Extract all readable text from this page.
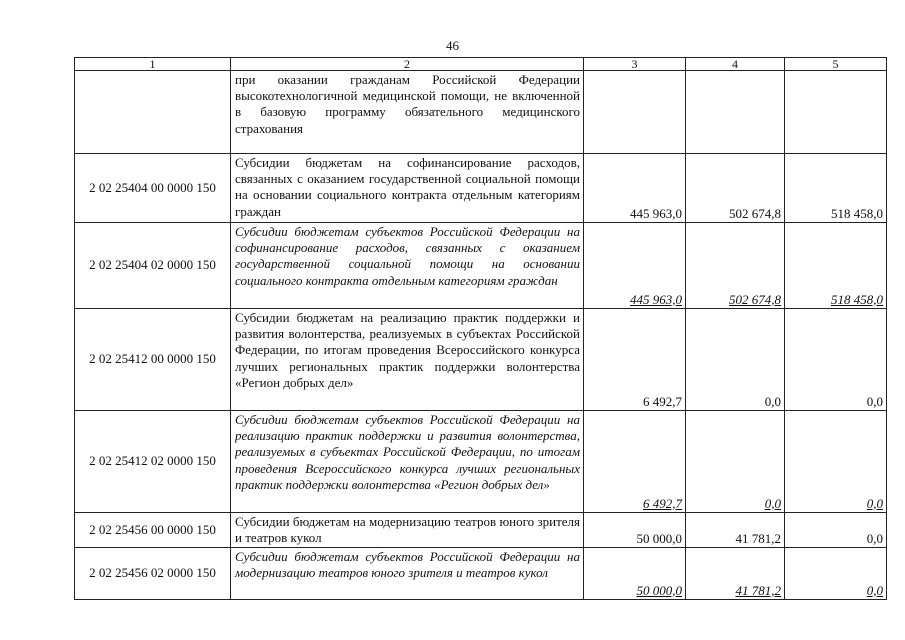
46
1	2	3	4	5
	при оказании гражданам Российской Федерации высокотехнологичной медицинской помощи, не включенной в базовую программу обязательного медицинского страхования			
2 02 25404 00 0000 150	Субсидии бюджетам на софинансирование расходов, связанных с оказанием государственной социальной помощи на основании социального контракта отдельным категориям граждан	445 963,0	502 674,8	518 458,0
2 02 25404 02 0000 150	Субсидии бюджетам субъектов Российской Федерации на софинансирование расходов, связанных с оказанием государственной социальной помощи на основании социального контракта отдельным категориям граждан	445 963,0	502 674,8	518 458,0
2 02 25412 00 0000 150	Субсидии бюджетам на реализацию практик поддержки и развития волонтерства, реализуемых в субъектах Российской Федерации, по итогам проведения Всероссийского конкурса лучших региональных практик поддержки волонтерства «Регион добрых дел»	6 492,7	0,0	0,0
2 02 25412 02 0000 150	Субсидии бюджетам субъектов Российской Федерации на реализацию практик поддержки и развития волонтерства, реализуемых в субъектах Российской Федерации, по итогам проведения Всероссийского конкурса лучших региональных практик поддержки волонтерства «Регион добрых дел»	6 492,7	0,0	0,0
2 02 25456 00 0000 150	Субсидии бюджетам на модернизацию театров юного зрителя и театров кукол	50 000,0	41 781,2	0,0
2 02 25456 02 0000 150	Субсидии бюджетам субъектов Российской Федерации на модернизацию театров юного зрителя и театров кукол	50 000,0	41 781,2	0,0
